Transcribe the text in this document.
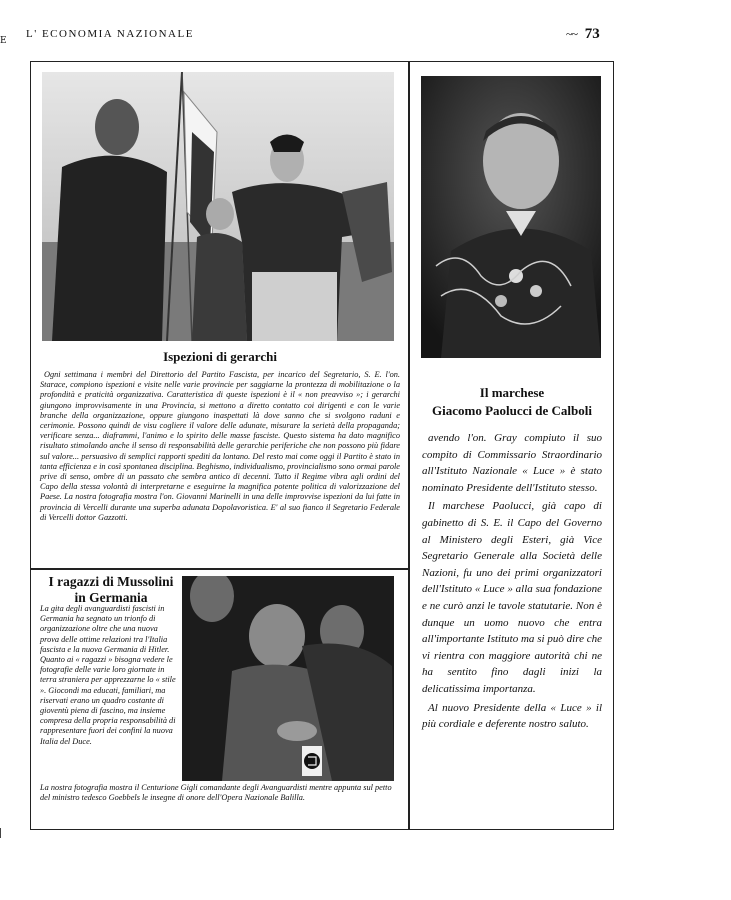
L' ECONOMIA NAZIONALE	~~ 73
E
Ispezioni di gerarchi
Ogni settimana i membri del Direttorio del Partito Fascista, per incarico del Segretario, S. E. l'on. Starace, compiono ispezioni e visite nelle varie provincie per saggiarne la prontezza di mobilitazione o la profondità e praticità organizzativa. Caratteristica di queste ispezioni è il « non preavviso »; i gerarchi giungono improvvisamente in una Provincia, si mettono a diretto contatto coi dirigenti e con le varie branche della organizzazione, oppure giungono inaspettati là dove sanno che si svolgono raduni e cerimonie. Possono quindi de visu cogliere il valore delle adunate, misurare la serietà della propaganda; verificare senza... diaframmi, l'animo e lo spirito delle masse fasciste. Questo sistema ha dato magnifico risultato stimolando anche il senso di responsabilità delle gerarchie periferiche che non possono più fidare sul valore... persuasivo di semplici rapporti spediti da lontano. Del resto mai come oggi il Partito è stato in tanta efficienza e in così spontanea disciplina. Beghismo, individualismo, provincialismo sono ormai parole prive di senso, ombre di un passato che sembra antico di decenni. Tutto il Regime vibra agli ordini del Capo della stessa volontà di interpretarne e eseguirne la magnifica potente politica di valorizzazione del Paese. La nostra fotografia mostra l'on. Giovanni Marinelli in una delle improvvise ispezioni da lui fatte in provincia di Vercelli durante una superba adunata Dopolavoristica. E' al suo fianco il Segretario Federale di Vercelli dottor Gazzotti.
I ragazzi di Mussolini
in Germania
La gita degli avanguardisti fascisti in Germania ha segnato un trionfo di organizzazione oltre che una nuova prova delle ottime relazioni tra l'Italia fascista e la nuova Germania di Hitler. Quanto ai « ragazzi » bisogna vedere le fotografie delle varie loro giornate in terra straniera per apprezzarne lo « stile ». Giocondi ma educati, familiari, ma riservati erano un quadro costante di gioventù piena di fascino, ma insieme compresa della propria responsabilità di rappresentare fuori dei confini la nuova Italia del Duce.
La nostra fotografia mostra il Centurione Gigli comandante degli Avanguardisti mentre appunta sul petto del ministro tedesco Goebbels le insegne di onore dell'Opera Nazionale Balilla.
Il marchese
Giacomo Paolucci de Calboli

avendo l'on. Gray compiuto il suo compito di Commissario Straordinario all'Istituto Nazionale « Luce » è stato nominato Presidente dell'Istituto stesso.

Il marchese Paolucci, già capo di gabinetto di S. E. il Capo del Governo al Ministero degli Esteri, già Vice Segretario Generale alla Società delle Nazioni, fu uno dei primi organizzatori dell'Istituto « Luce » alla sua fondazione e ne curò anzi le tavole statutarie. Non è dunque un uomo nuovo che entra all'importante Istituto ma si può dire che vi rientra con maggiore autorità chi ne ha sentito fino dagli inizi la delicatissima importanza.

Al nuovo Presidente della « Luce » il più cordiale e deferente nostro saluto.
